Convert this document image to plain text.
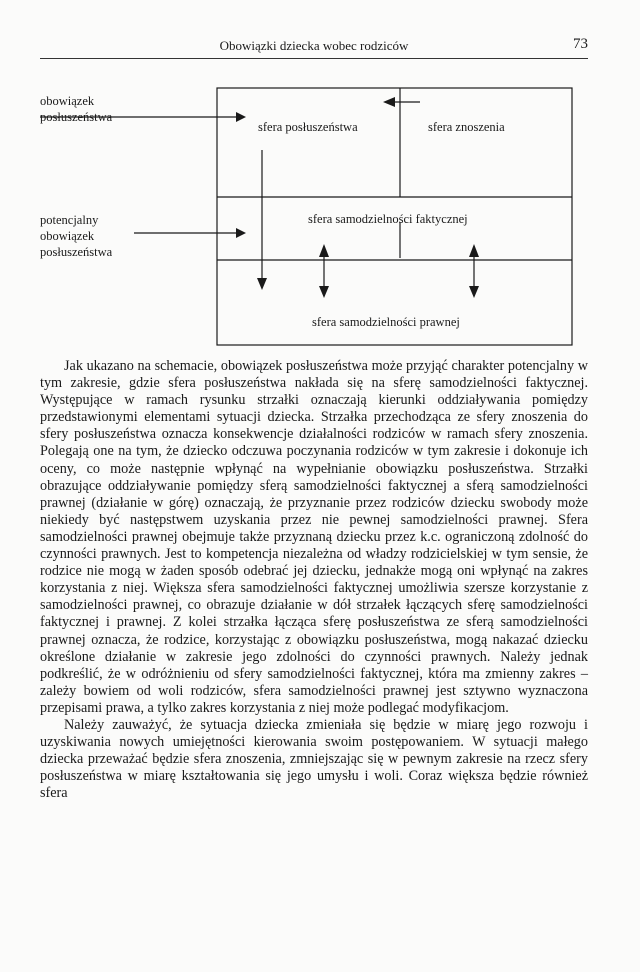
Obowiązki dziecka wobec rodziców	73
obowiązek
posłuszeństwa
potencjalny
obowiązek
posłuszeństwa
sfera posłuszeństwa	sfera znoszenia
sfera samodzielności faktycznej
sfera samodzielności prawnej

Jak ukazano na schemacie, obowiązek posłuszeństwa może przyjąć charakter potencjalny w tym zakresie, gdzie sfera posłuszeństwa nakłada się na sferę samodzielności faktycznej. Występujące w ramach rysunku strzałki oznaczają kierunki oddziaływania pomiędzy przedstawionymi elementami sytuacji dziecka. Strzałka przechodząca ze sfery znoszenia do sfery posłuszeństwa oznacza konsekwencje działalności rodziców w ramach sfery znoszenia. Polegają one na tym, że dziecko odczuwa poczynania rodziców w tym zakresie i dokonuje ich oceny, co może następnie wpłynąć na wypełnianie obowiązku posłuszeństwa. Strzałki obrazujące oddziaływanie pomiędzy sferą samodzielności faktycznej a sferą samodzielności prawnej (działanie w górę) oznaczają, że przyznanie przez rodziców dziecku swobody może niekiedy być następstwem uzyskania przez nie pewnej samodzielności prawnej. Sfera samodzielności prawnej obejmuje także przyznaną dziecku przez k.c. ograniczoną zdolność do czynności prawnych. Jest to kompetencja niezależna od władzy rodzicielskiej w tym sensie, że rodzice nie mogą w żaden sposób odebrać jej dziecku, jednakże mogą oni wpłynąć na zakres korzystania z niej. Większa sfera samodzielności faktycznej umożliwia szersze korzystanie z samodzielności prawnej, co obrazuje działanie w dół strzałek łączących sferę samodzielności faktycznej i prawnej. Z kolei strzałka łącząca sferę posłuszeństwa ze sferą samodzielności prawnej oznacza, że rodzice, korzystając z obowiązku posłuszeństwa, mogą nakazać dziecku określone działanie w zakresie jego zdolności do czynności prawnych. Należy jednak podkreślić, że w odróżnieniu od sfery samodzielności faktycznej, która ma zmienny zakres – zależy bowiem od woli rodziców, sfera samodzielności prawnej jest sztywno wyznaczona przepisami prawa, a tylko zakres korzystania z niej może podlegać modyfikacjom.

Należy zauważyć, że sytuacja dziecka zmieniała się będzie w miarę jego rozwoju i uzyskiwania nowych umiejętności kierowania swoim postępowaniem. W sytuacji małego dziecka przeważać będzie sfera znoszenia, zmniejszając się w pewnym zakresie na rzecz sfery posłuszeństwa w miarę kształtowania się jego umysłu i woli. Coraz większa będzie również sfera
